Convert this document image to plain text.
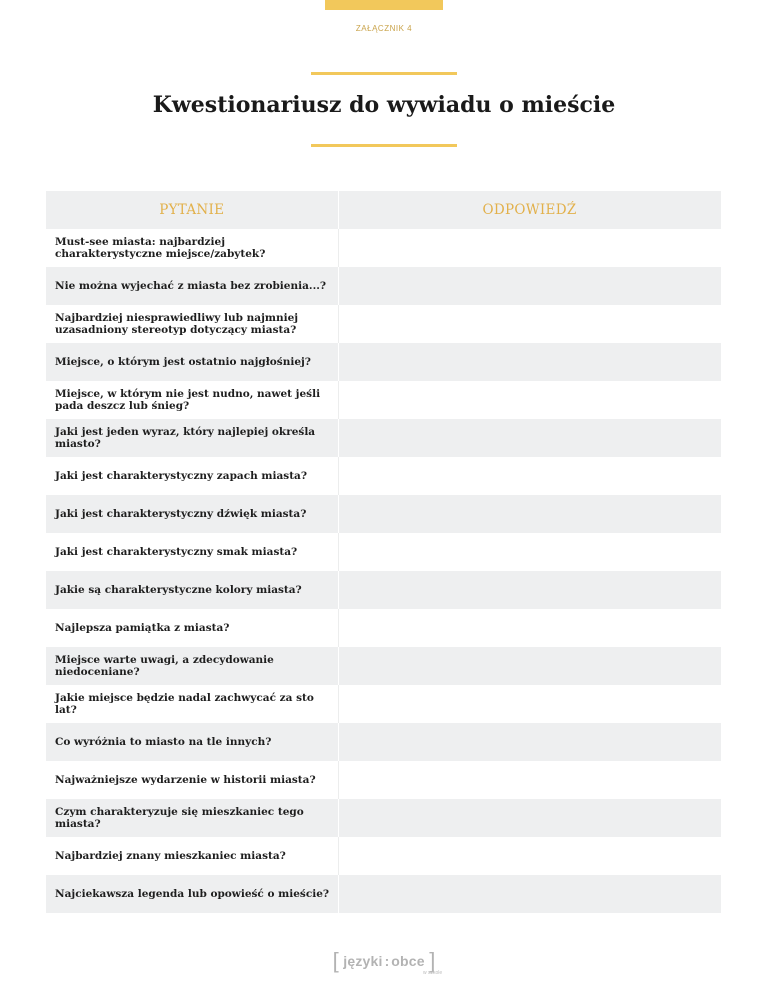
ZAŁĄCZNIK 4
Kwestionariusz do wywiadu o mieście
PYTANIE	ODPOWIEDŹ
Must-see miasta: najbardziej charakterystyczne miejsce/zabytek?	
Nie można wyjechać z miasta bez zrobienia...?	
Najbardziej niesprawiedliwy lub najmniej uzasadniony stereotyp dotyczący miasta?	
Miejsce, o którym jest ostatnio najgłośniej?	
Miejsce, w którym nie jest nudno, nawet jeśli pada deszcz lub śnieg?	
Jaki jest jeden wyraz, który najlepiej określa miasto?	
Jaki jest charakterystyczny zapach miasta?	
Jaki jest charakterystyczny dźwięk miasta?	
Jaki jest charakterystyczny smak miasta?	
Jakie są charakterystyczne kolory miasta?	
Najlepsza pamiątka z miasta?	
Miejsce warte uwagi, a zdecydowanie niedoceniane?	
Jakie miejsce będzie nadal zachwycać za sto lat?	
Co wyróżnia to miasto na tle innych?	
Najważniejsze wydarzenie w historii miasta?	
Czym charakteryzuje się mieszkaniec tego miasta?	
Najbardziej znany mieszkaniec miasta?	
Najciekawsza legenda lub opowieść o mieście?	
[ języki : obce ]
w szkole
